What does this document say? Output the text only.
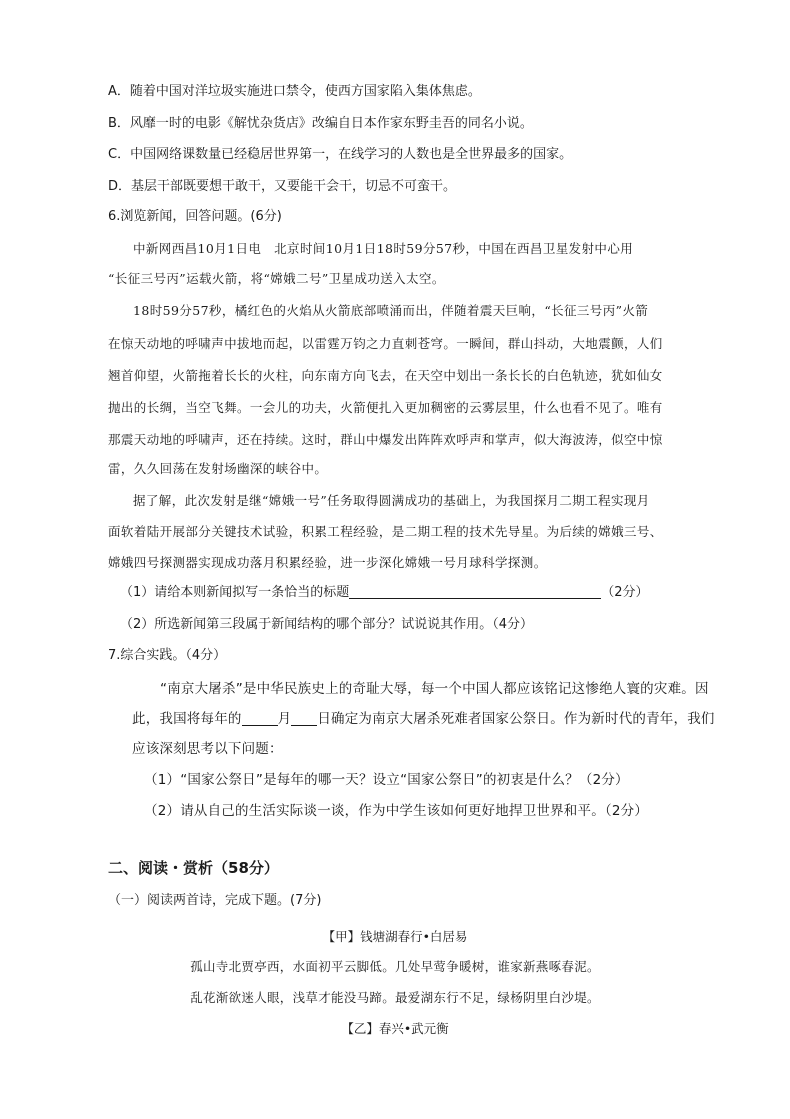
A．随着中国对洋垃圾实施进口禁令，使西方国家陷入集体焦虑。
B．风靡一时的电影《解忧杂货店》改编自日本作家东野圭吾的同名小说。
C．中国网络课数量已经稳居世界第一，在线学习的人数也是全世界最多的国家。
D．基层干部既要想干敢干，又要能干会干，切忌不可蛮干。
6.浏览新闻，回答问题。(6分)
中新网西昌10月1日电　北京时间10月1日18时59分57秒，中国在西昌卫星发射中心用
“长征三号丙”运载火箭，将“嫦娥二号”卫星成功送入太空。
18时59分57秒，橘红色的火焰从火箭底部喷涌而出，伴随着震天巨响，“长征三号丙”火箭
在惊天动地的呼啸声中拔地而起，以雷霆万钧之力直刺苍穹。一瞬间，群山抖动，大地震颤，人们
翘首仰望，火箭拖着长长的火柱，向东南方向飞去，在天空中划出一条长长的白色轨迹，犹如仙女
抛出的长绸，当空飞舞。一会儿的功夫，火箭便扎入更加稠密的云雾层里，什么也看不见了。唯有
那震天动地的呼啸声，还在持续。这时，群山中爆发出阵阵欢呼声和掌声，似大海波涛，似空中惊
雷，久久回荡在发射场幽深的峡谷中。
据了解，此次发射是继“嫦娥一号”任务取得圆满成功的基础上，为我国探月二期工程实现月
面软着陆开展部分关键技术试验，积累工程经验，是二期工程的技术先导星。为后续的嫦娥三号、
嫦娥四号探测器实现成功落月积累经验，进一步深化嫦娥一号月球科学探测。
（1）请给本则新闻拟写一条恰当的标题	（2分）
（2）所选新闻第三段属于新闻结构的哪个部分？试说说其作用。（4分）
7.综合实践。（4分）
“南京大屠杀”是中华民族史上的奇耻大辱，每一个中国人都应该铭记这惨绝人寰的灾难。因
此，我国将每年的	月 日确定为南京大屠杀死难者国家公祭日。作为新时代的青年，我们
应该深刻思考以下问题：
（1）“国家公祭日”是每年的哪一天？设立“国家公祭日”的初衷是什么？（2分）
（2）请从自己的生活实际谈一谈，作为中学生该如何更好地捍卫世界和平。（2分）
二、阅读・赏析（58分）
（一）阅读两首诗，完成下题。(7分)
【甲】钱塘湖春行•白居易
孤山寺北贾亭西，水面初平云脚低。几处早莺争暖树，谁家新燕啄春泥。
乱花渐欲迷人眼，浅草才能没马蹄。最爱湖东行不足，绿杨阴里白沙堤。
【乙】春兴•武元衡
